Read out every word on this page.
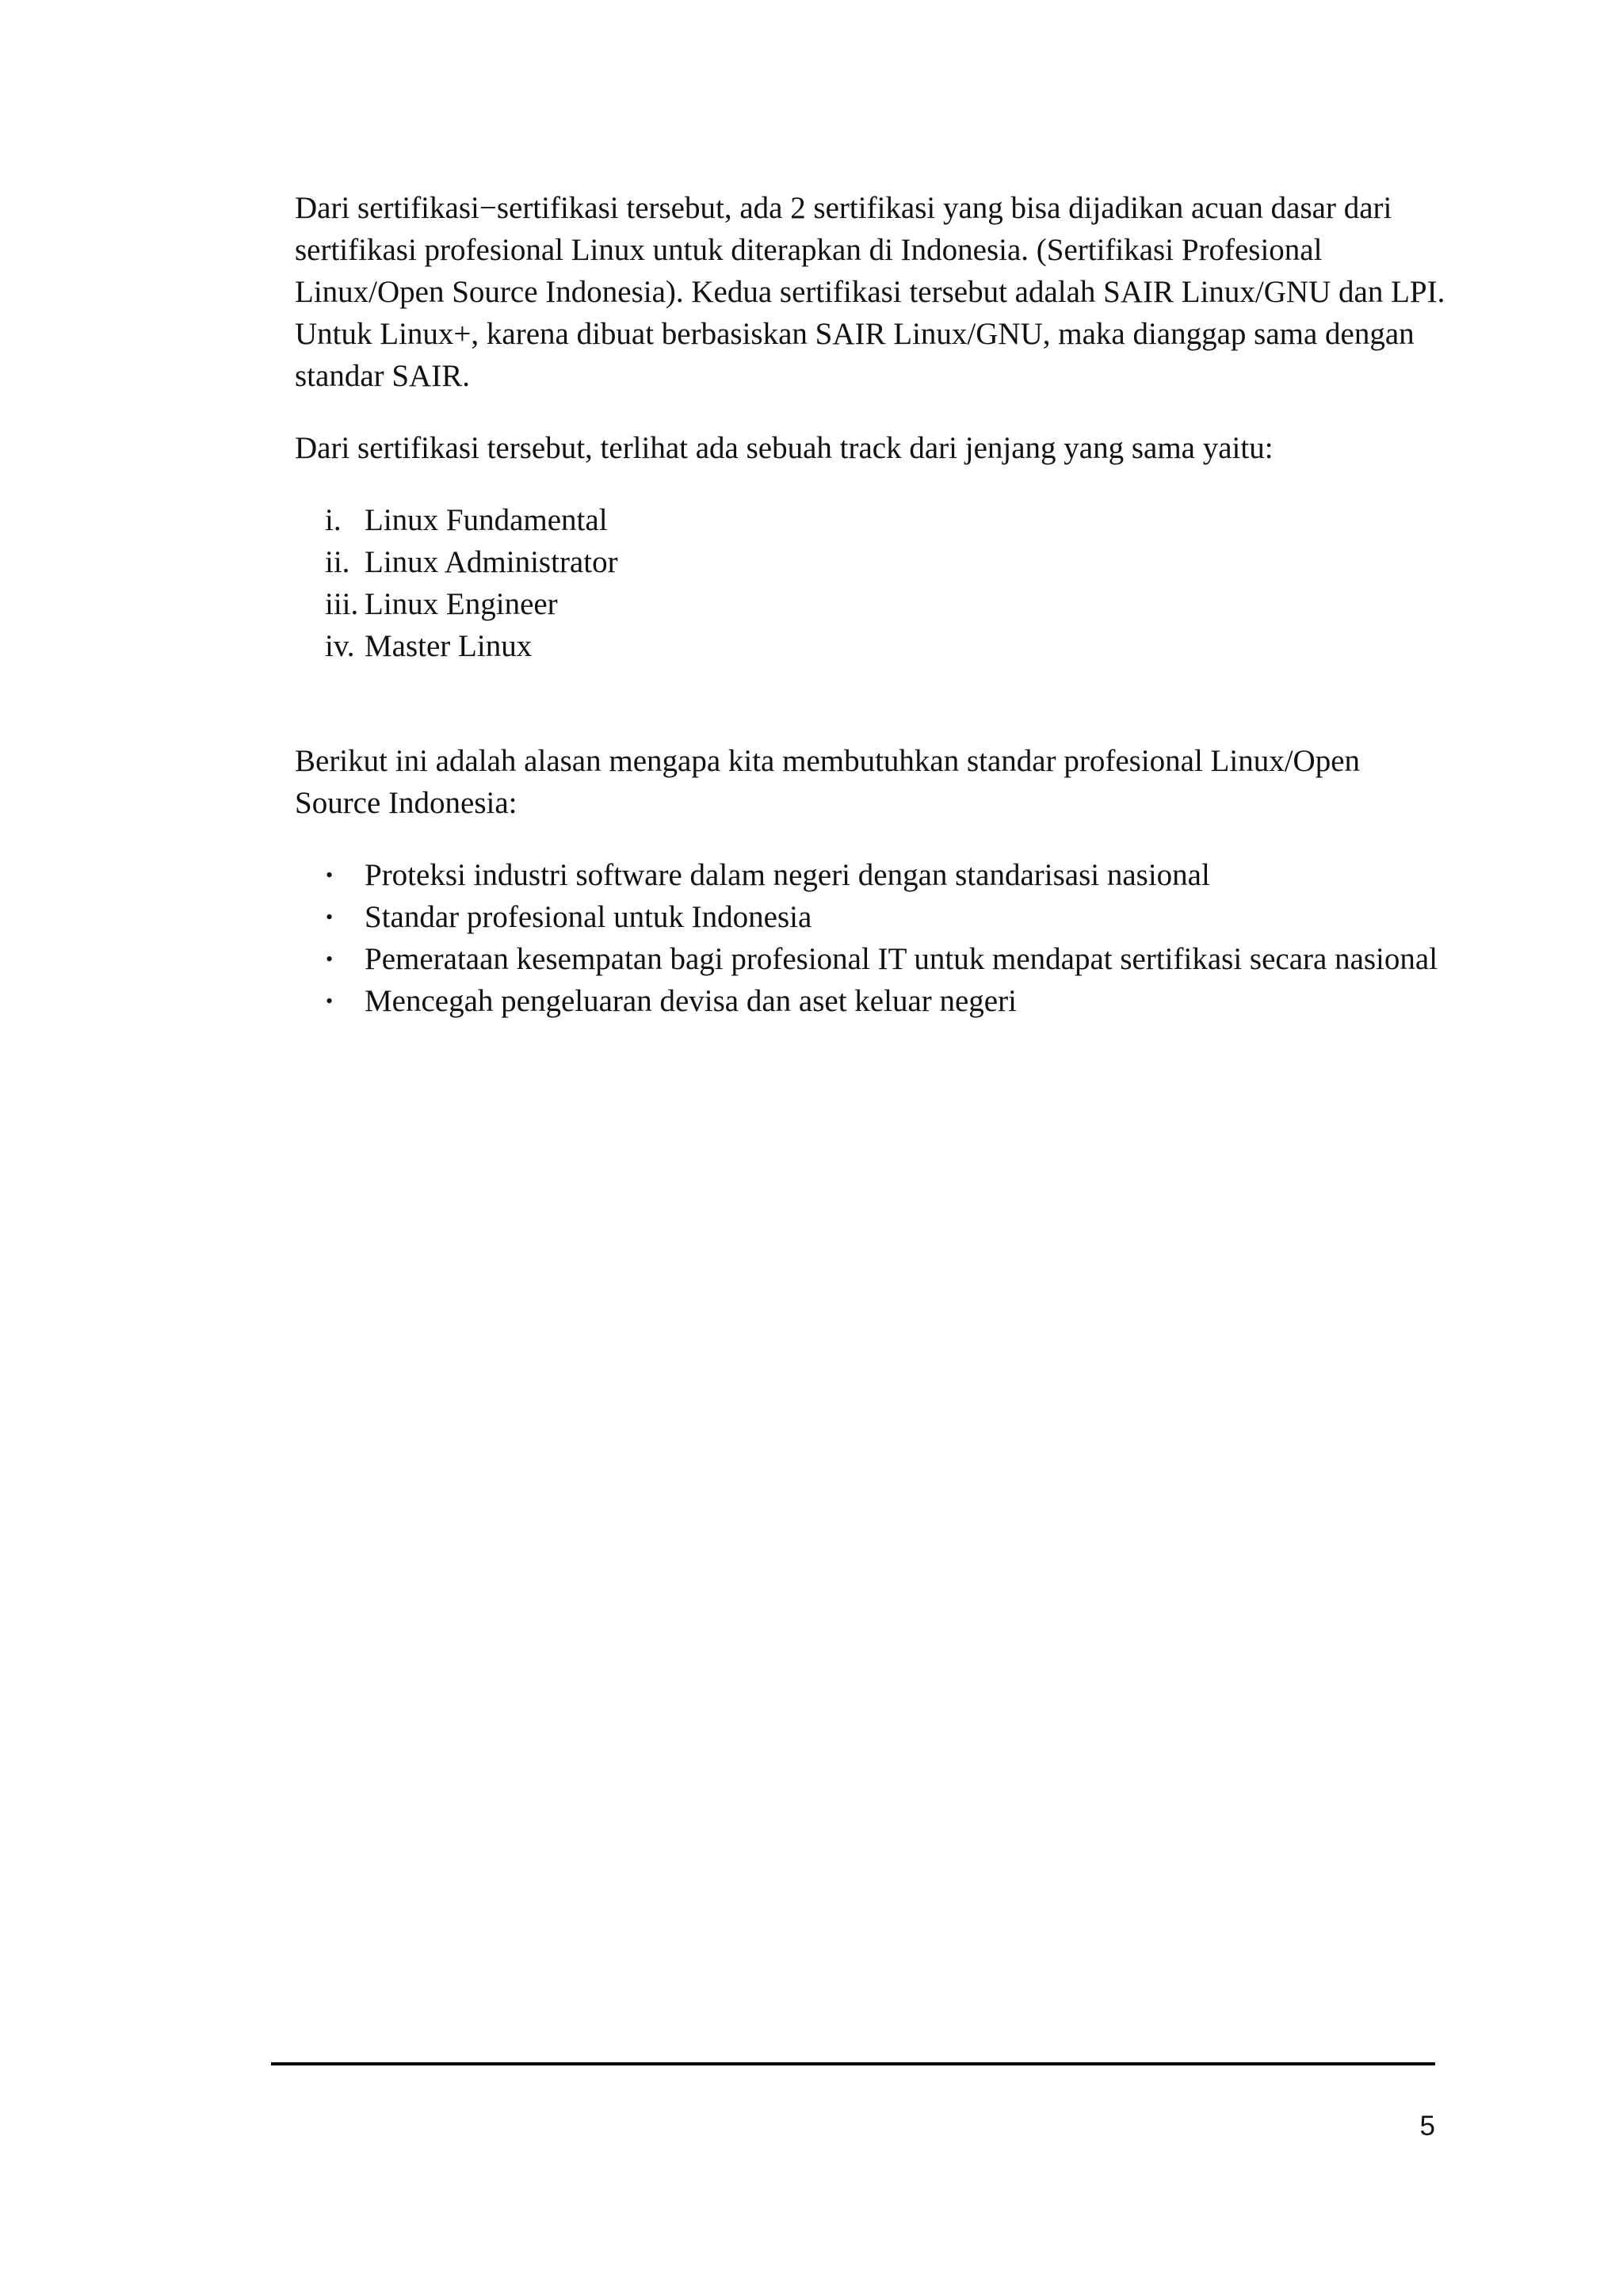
Dari sertifikasi−sertifikasi tersebut, ada 2 sertifikasi yang bisa dijadikan acuan dasar dari sertifikasi profesional Linux untuk diterapkan di Indonesia. (Sertifikasi Profesional Linux/Open Source Indonesia). Kedua sertifikasi tersebut adalah SAIR Linux/GNU dan LPI. Untuk Linux+, karena dibuat berbasiskan SAIR Linux/GNU, maka dianggap sama dengan standar SAIR.

Dari sertifikasi tersebut, terlihat ada sebuah track dari jenjang yang sama yaitu:

i. Linux Fundamental
ii. Linux Administrator
iii. Linux Engineer
iv. Master Linux

Berikut ini adalah alasan mengapa kita membutuhkan standar profesional Linux/Open Source Indonesia:

• Proteksi industri software dalam negeri dengan standarisasi nasional
• Standar profesional untuk Indonesia
• Pemerataan kesempatan bagi profesional IT untuk mendapat sertifikasi secara nasional
• Mencegah pengeluaran devisa dan aset keluar negeri
5
